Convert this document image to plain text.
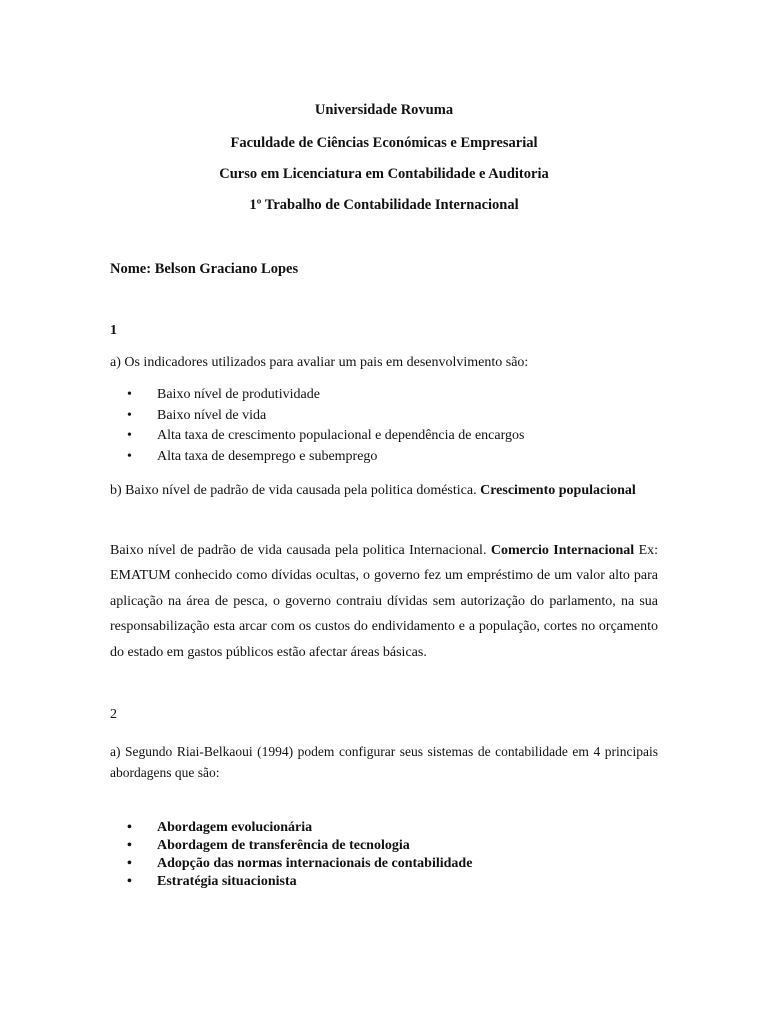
Universidade Rovuma
Faculdade de Ciências Económicas e Empresarial
Curso em Licenciatura em Contabilidade e Auditoria
1º Trabalho de Contabilidade Internacional
Nome: Belson Graciano Lopes
1
a) Os indicadores utilizados para avaliar um pais em desenvolvimento são:
• Baixo nível de produtividade
• Baixo nível de vida
• Alta taxa de crescimento populacional e dependência de encargos
• Alta taxa de desemprego e subemprego
b) Baixo nível de padrão de vida causada pela politica doméstica. Crescimento populacional
Baixo nível de padrão de vida causada pela politica Internacional. Comercio Internacional Ex: EMATUM conhecido como dívidas ocultas, o governo fez um empréstimo de um valor alto para aplicação na área de pesca, o governo contraiu dívidas sem autorização do parlamento, na sua responsabilização esta arcar com os custos do endividamento e a população, cortes no orçamento do estado em gastos públicos estão afectar áreas básicas.
2
a) Segundo Riai-Belkaoui (1994) podem configurar seus sistemas de contabilidade em 4 principais abordagens que são:
• Abordagem evolucionária
• Abordagem de transferência de tecnologia
• Adopção das normas internacionais de contabilidade
• Estratégia situacionista
